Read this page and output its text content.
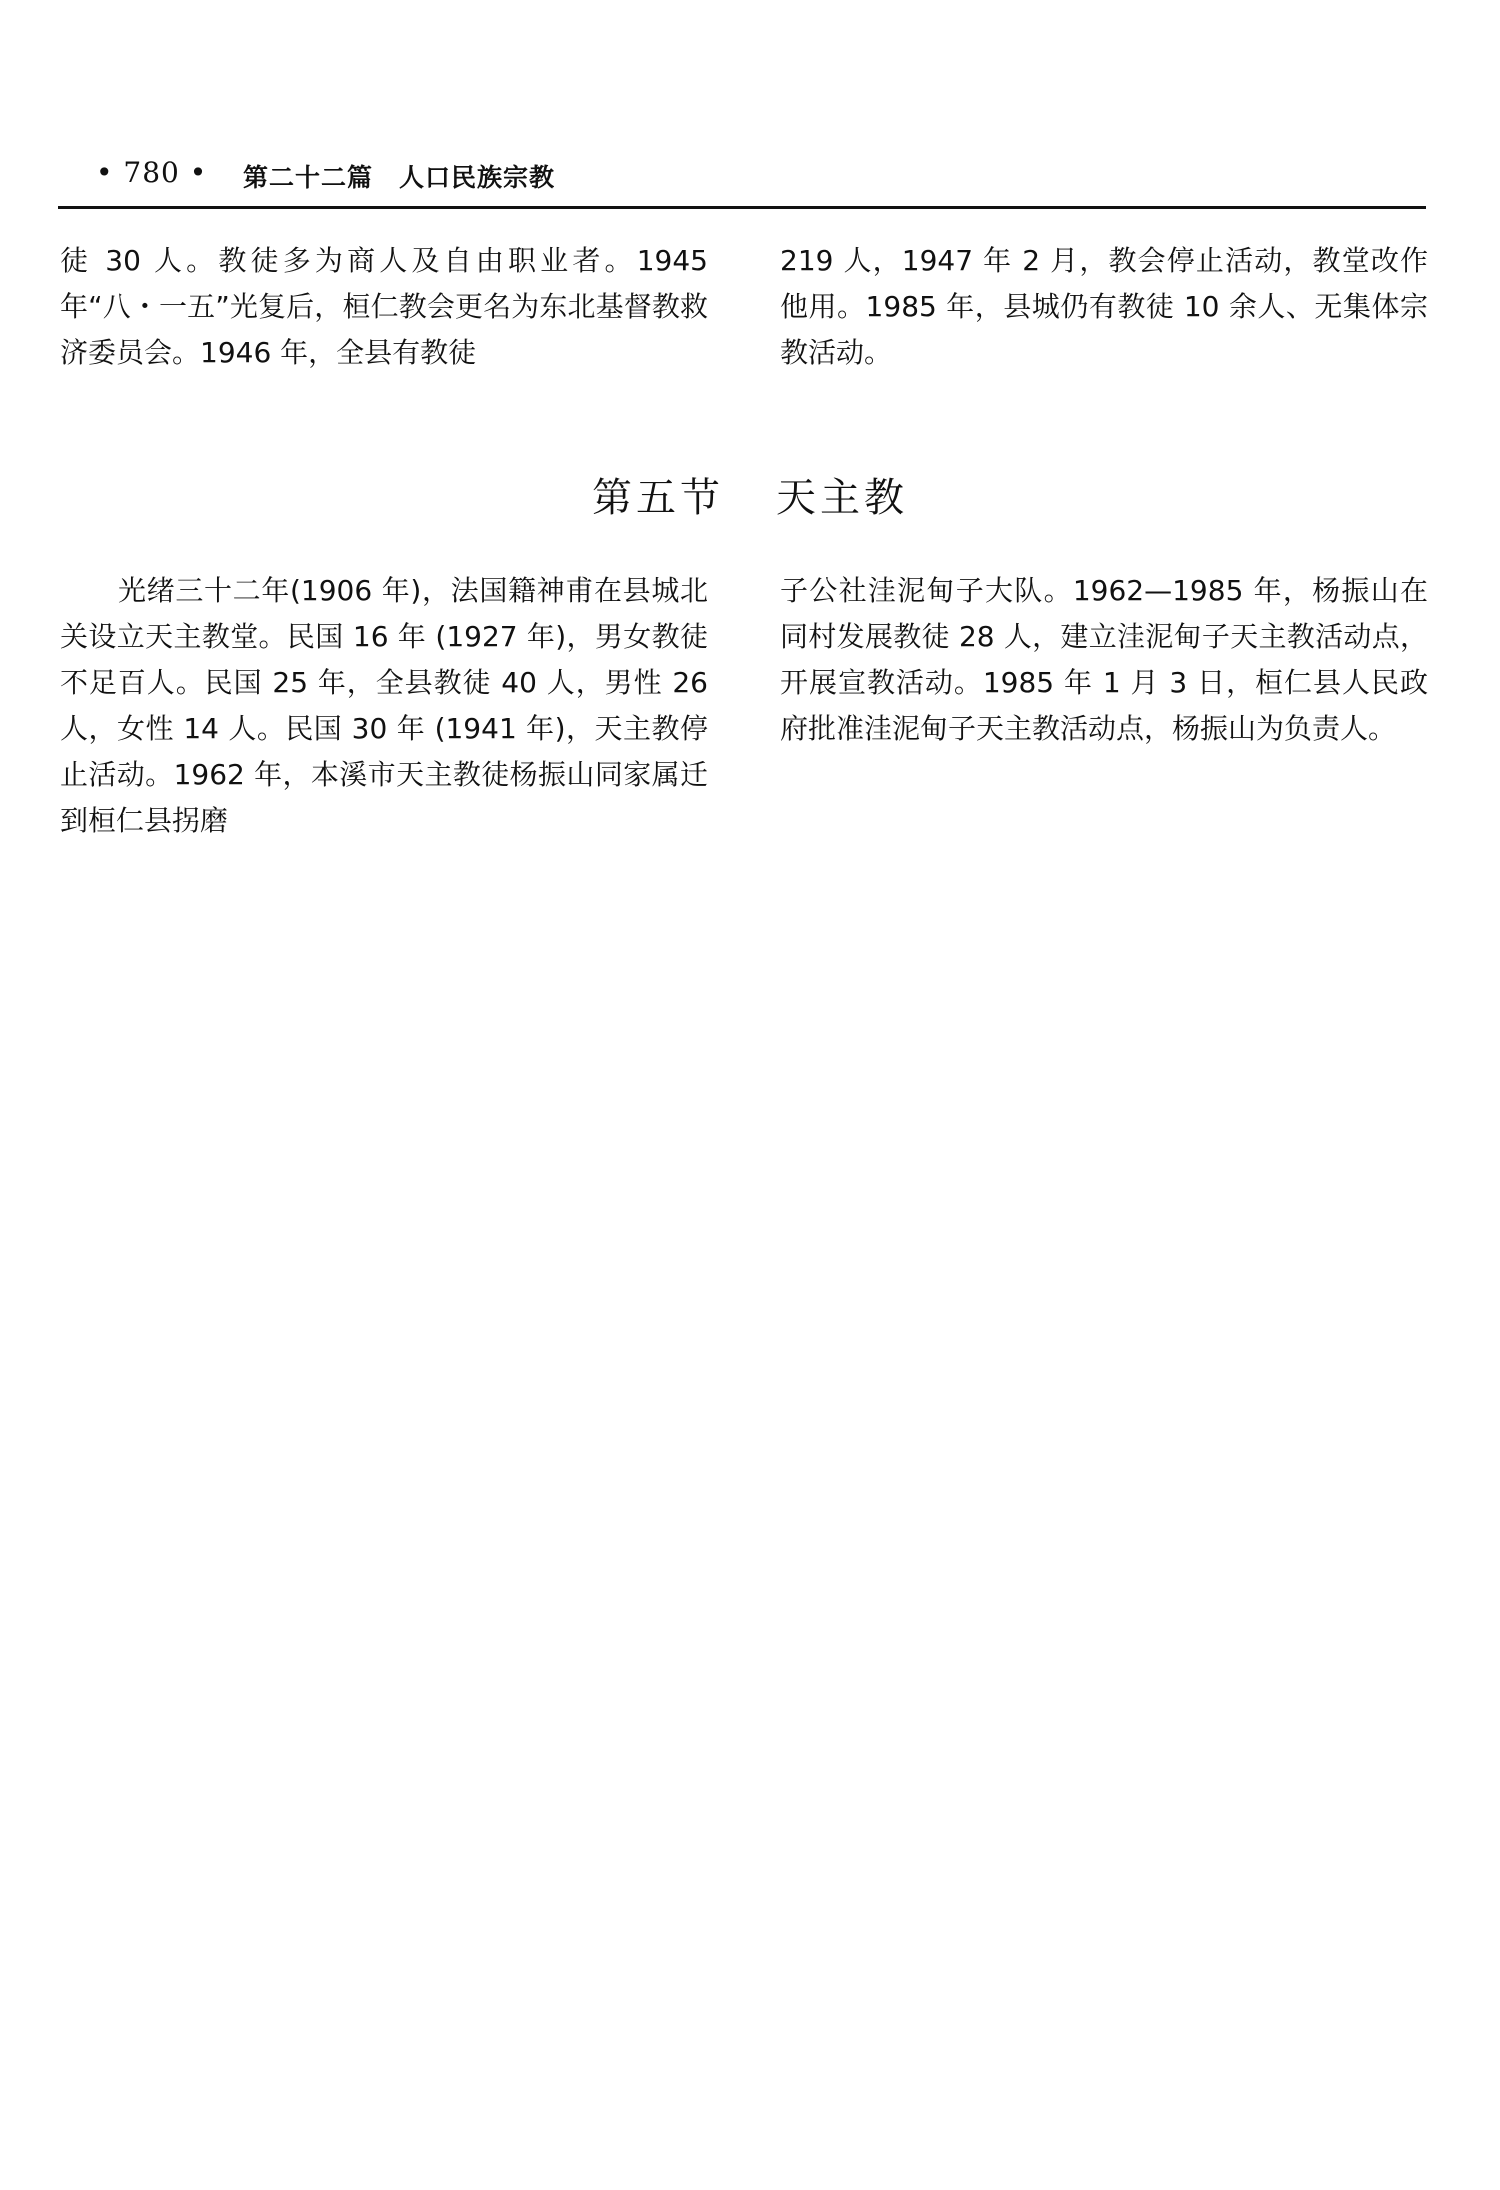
• 780 • 第二十二篇　人口民族宗教

徒 30 人。教徒多为商人及自由职业者。1945 年“八・一五”光复后，桓仁教会更名为东北基督教救济委员会。1946 年，全县有教徒

219 人，1947 年 2 月，教会停止活动，教堂改作他用。1985 年，县城仍有教徒 10 余人、无集体宗教活动。

第五节 天主教

光绪三十二年(1906 年)，法国籍神甫在县城北关设立天主教堂。民国 16 年 (1927 年)，男女教徒不足百人。民国 25 年，全县教徒 40 人，男性 26 人，女性 14 人。民国 30 年 (1941 年)，天主教停止活动。1962 年，本溪市天主教徒杨振山同家属迁到桓仁县拐磨

子公社洼泥甸子大队。1962—1985 年，杨振山在同村发展教徒 28 人，建立洼泥甸子天主教活动点，开展宣教活动。1985 年 1 月 3 日，桓仁县人民政府批准洼泥甸子天主教活动点，杨振山为负责人。
